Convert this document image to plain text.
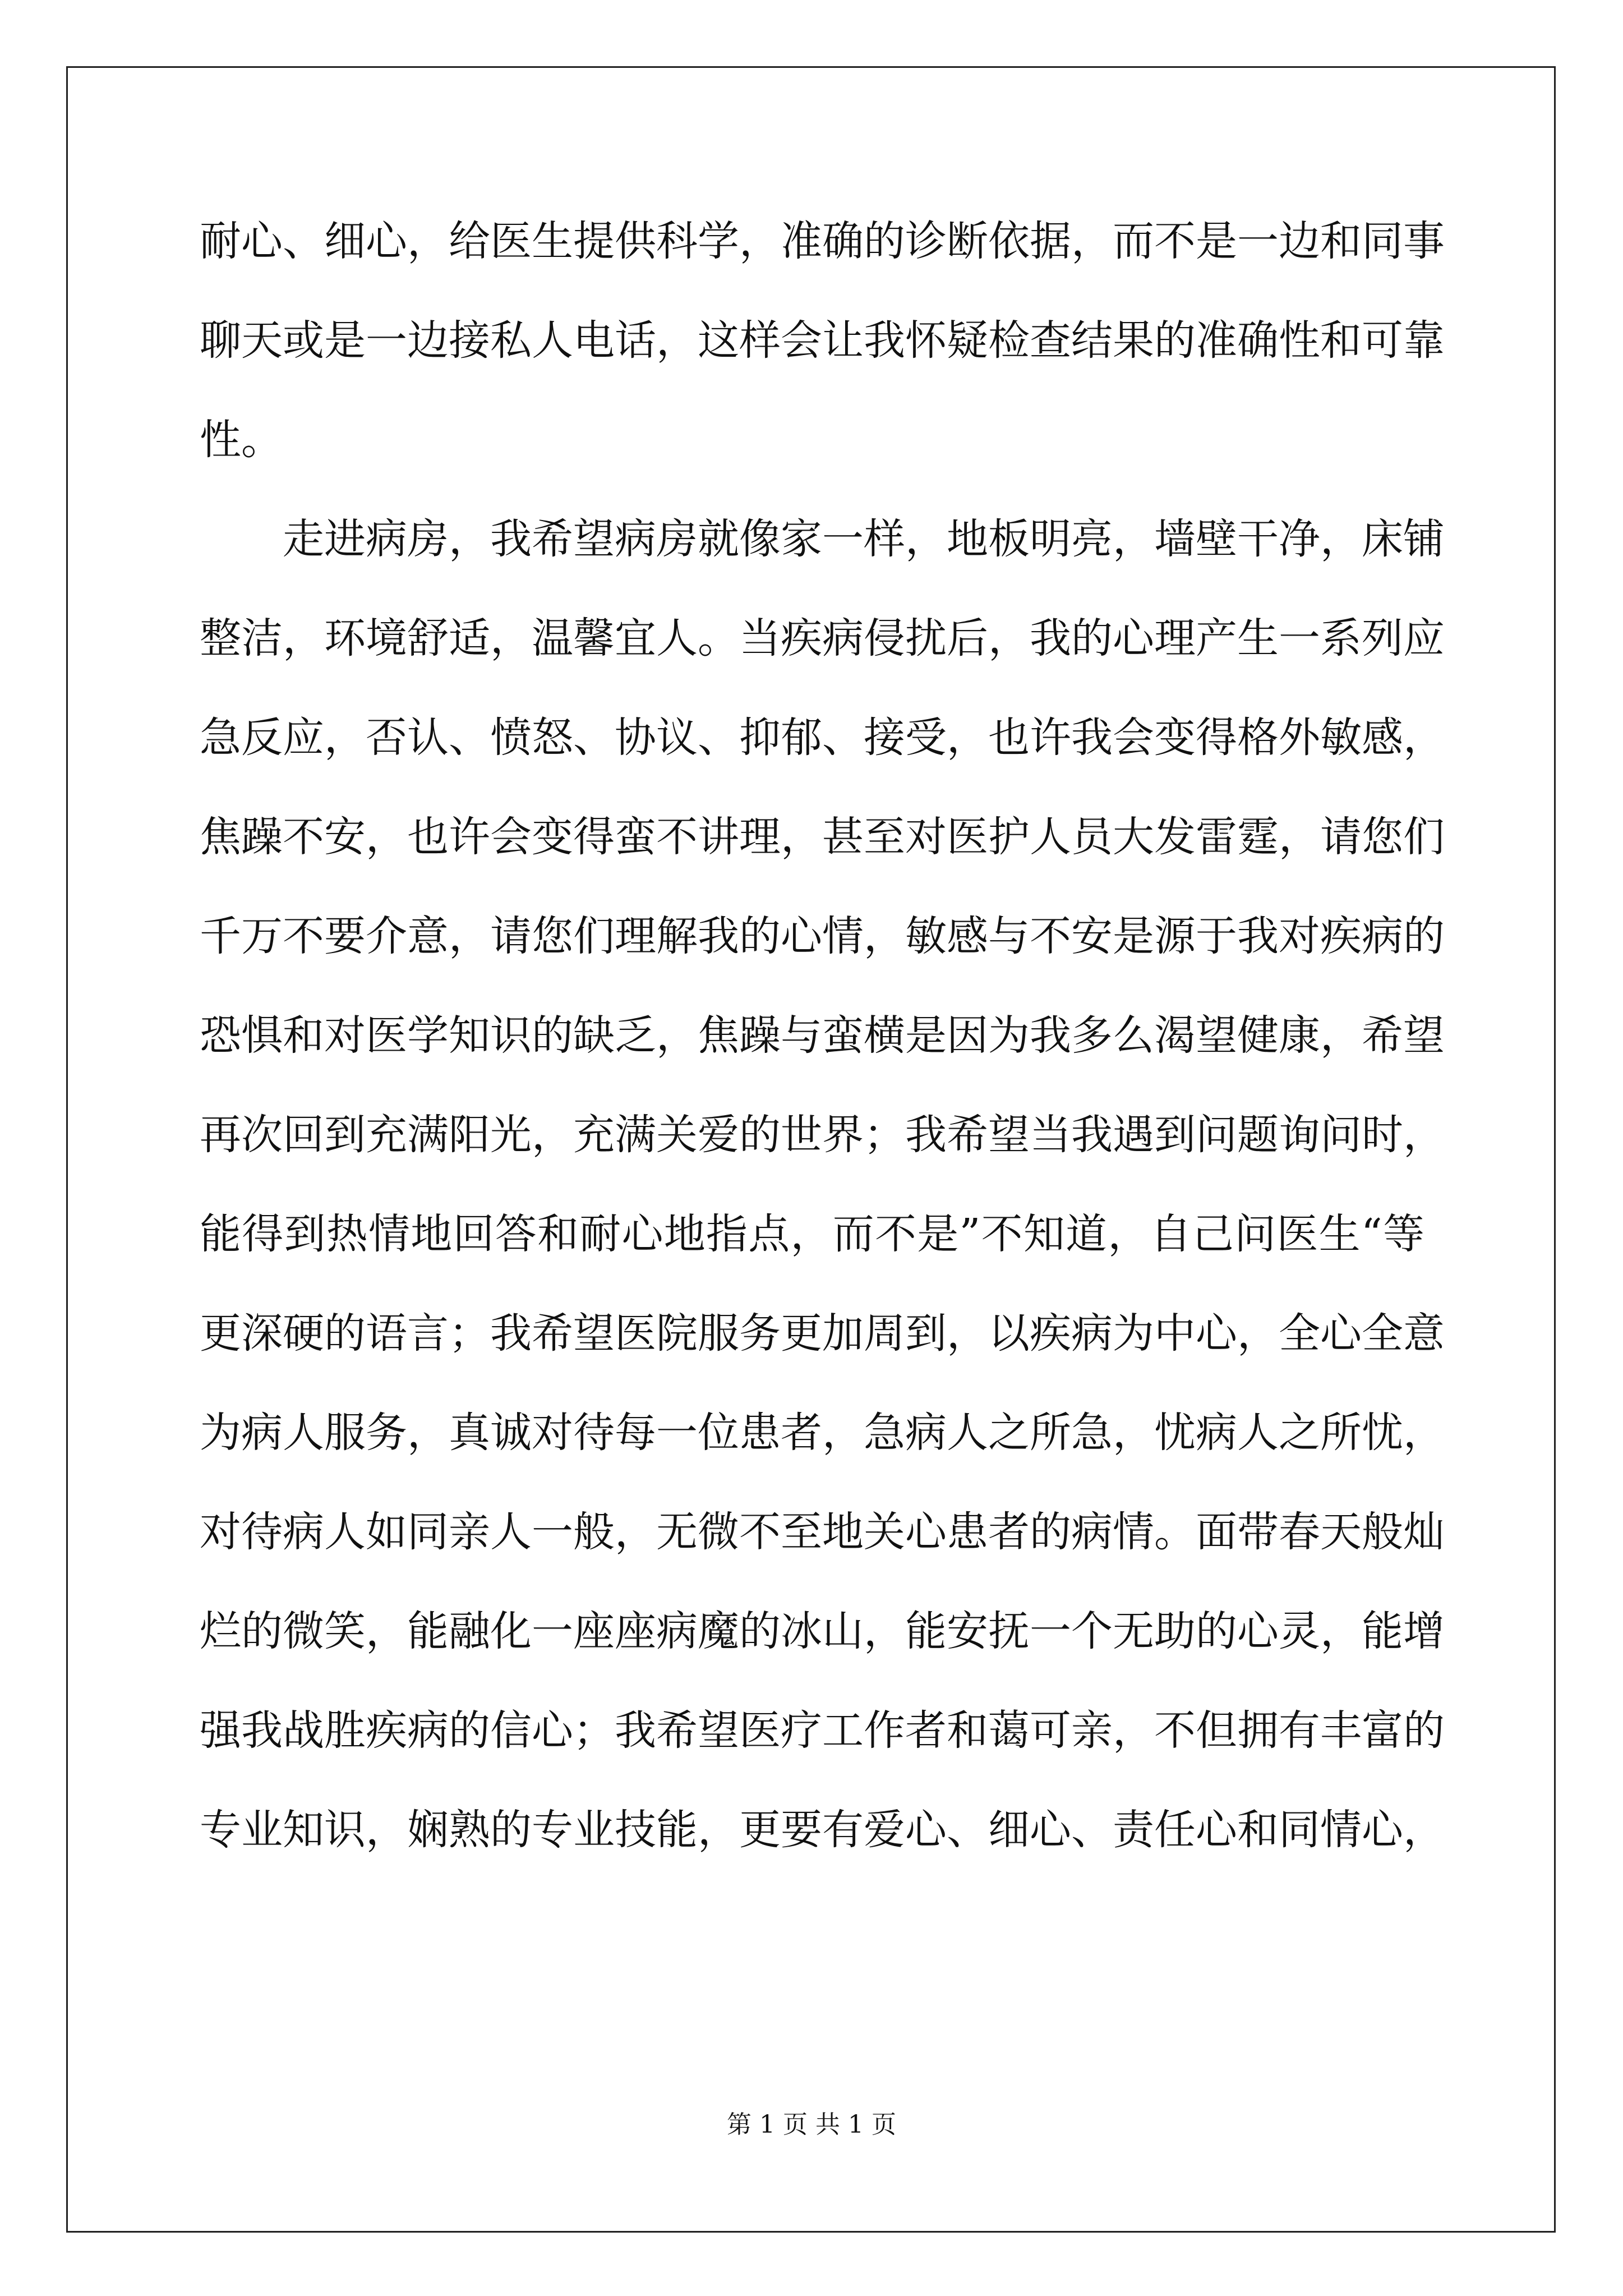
耐 心 、 细 心 ， 给 医 生 提 供 科 学 ， 准 确 的 诊 断 依 据 ， 而 不 是 一 边 和 同 事
聊 天 或 是 一 边 接 私 人 电 话 ， 这 样 会 让 我 怀 疑 检 查 结 果 的 准 确 性 和 可 靠
性 。
走 进 病 房 ， 我 希 望 病 房 就 像 家 一 样 ， 地 板 明 亮 ， 墙 壁 干 净 ， 床 铺
整 洁 ， 环 境 舒 适 ， 温 馨 宜 人 。 当 疾 病 侵 扰 后 ， 我 的 心 理 产 生 一 系 列 应
急 反 应 ， 否 认 、 愤 怒 、 协 议 、 抑 郁 、 接 受 ， 也 许 我 会 变 得 格 外 敏 感 ，
焦 躁 不 安 ， 也 许 会 变 得 蛮 不 讲 理 ， 甚 至 对 医 护 人 员 大 发 雷 霆 ， 请 您 们
千 万 不 要 介 意 ， 请 您 们 理 解 我 的 心 情 ， 敏 感 与 不 安 是 源 于 我 对 疾 病 的
恐 惧 和 对 医 学 知 识 的 缺 乏 ， 焦 躁 与 蛮 横 是 因 为 我 多 么 渴 望 健 康 ， 希 望
再 次 回 到 充 满 阳 光 ， 充 满 关 爱 的 世 界 ； 我 希 望 当 我 遇 到 问 题 询 问 时 ，
能 得 到 热 情 地 回 答 和 耐 心 地 指 点 ， 而 不 是 ” 不 知 道 ， 自 己 问 医 生 “ 等
更 深 硬 的 语 言 ； 我 希 望 医 院 服 务 更 加 周 到 ， 以 疾 病 为 中 心 ， 全 心 全 意
为 病 人 服 务 ， 真 诚 对 待 每 一 位 患 者 ， 急 病 人 之 所 急 ， 忧 病 人 之 所 忧 ，
对 待 病 人 如 同 亲 人 一 般 ， 无 微 不 至 地 关 心 患 者 的 病 情 。 面 带 春 天 般 灿
烂 的 微 笑 ， 能 融 化 一 座 座 病 魔 的 冰 山 ， 能 安 抚 一 个 无 助 的 心 灵 ， 能 增
强 我 战 胜 疾 病 的 信 心 ； 我 希 望 医 疗 工 作 者 和 蔼 可 亲 ， 不 但 拥 有 丰 富 的
专 业 知 识 ， 娴 熟 的 专 业 技 能 ， 更 要 有 爱 心 、 细 心 、 责 任 心 和 同 情 心 ，
第 1 页 共 1 页
